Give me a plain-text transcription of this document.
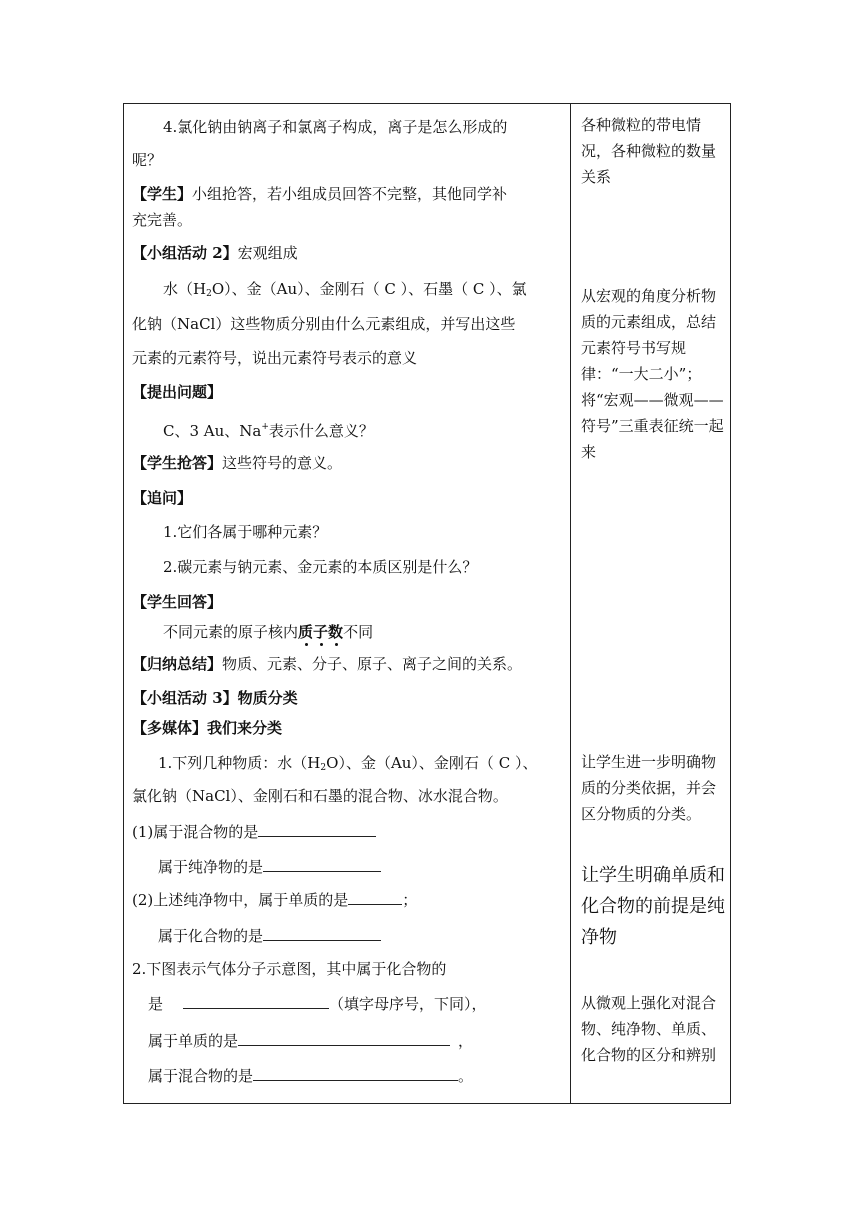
4.氯化钠由钠离子和氯离子构成，离子是怎么形成的
呢？
【学生】小组抢答，若小组成员回答不完整，其他同学补
充完善。
【小组活动 2】宏观组成
水$(H_2O)$、金（Au）、金刚石（ C ）、石墨（ C ）、氯
化钠（NaCl）这些物质分别由什么元素组成，并写出这些
元素的元素符号，说出元素符号表示的意义
【提出问题】
C、3 Au、Na+表示什么意义？
【学生抢答】这些符号的意义。
【追问】
1.它们各属于哪种元素？
2.碳元素与钠元素、金元素的本质区别是什么？
【学生回答】
不同元素的原子核内质子数不同
【归纳总结】物质、元素、分子、原子、离子之间的关系。
【小组活动 3】物质分类
【多媒体】我们来分类
1.下列几种物质：水$(H_2O)$、金（Au）、金刚石（ C ）、
氯化钠（NaCl）、金刚石和石墨的混合物、冰水混合物。
(1)属于混合物的是
属于纯净物的是
(2)上述纯净物中，属于单质的是	；
属于化合物的是
2.下图表示气体分子示意图，其中属于化合物的
是	（填字母序号，下同），
属于单质的是	，
属于混合物的是	。
各种微粒的带电情况，各种微粒的数量关系
从宏观的角度分析物质的元素组成，总结元素符号书写规律：“一大二小”；将“宏观——微观——符号”三重表征统一起来
让学生进一步明确物质的分类依据，并会区分物质的分类。
让学生明确单质和化合物的前提是纯净物
从微观上强化对混合物、纯净物、单质、化合物的区分和辨别
